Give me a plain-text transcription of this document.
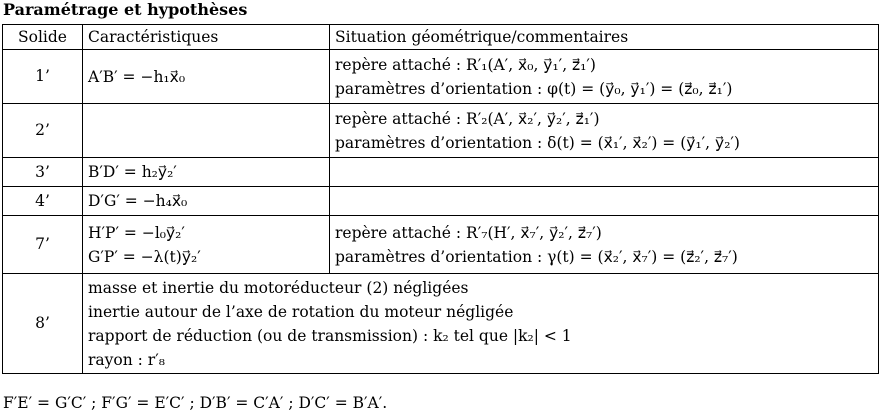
Paramétrage et hypothèses
Solide	Caractéristiques	Situation géométrique/commentaires
1’	A′B′ = −h₁x⃗₀	repère attaché : R′₁(A′, x⃗₀, y⃗₁′, z⃗₁′)
paramètres d’orientation : φ(t) = (y⃗₀, y⃗₁′) = (z⃗₀, z⃗₁′)

2’		repère attaché : R′₂(A′, x⃗₂′, y⃗₂′, z⃗₁′)
paramètres d’orientation : δ(t) = (x⃗₁′, x⃗₂′) = (y⃗₁′, y⃗₂′)

3’	B′D′ = h₂y⃗₂′	

4’	D′G′ = −h₄x⃗₀	

7’	H′P′ = −l₀y⃗₂′
G′P′ = −λ(t)y⃗₂′	repère attaché : R′₇(H′, x⃗₇′, y⃗₂′, z⃗₇′)
paramètres d’orientation : γ(t) = (x⃗₂′, x⃗₇′) = (z⃗₂′, z⃗₇′)

8’	masse et inertie du motoréducteur (2) négligées
inertie autour de l’axe de rotation du moteur négligée
rapport de réduction (ou de transmission) : k₂ tel que |k₂| < 1
rayon : r′₈	
F′E′ = G′C′ ; F′G′ = E′C′ ; D′B′ = C′A′ ; D′C′ = B′A′.
